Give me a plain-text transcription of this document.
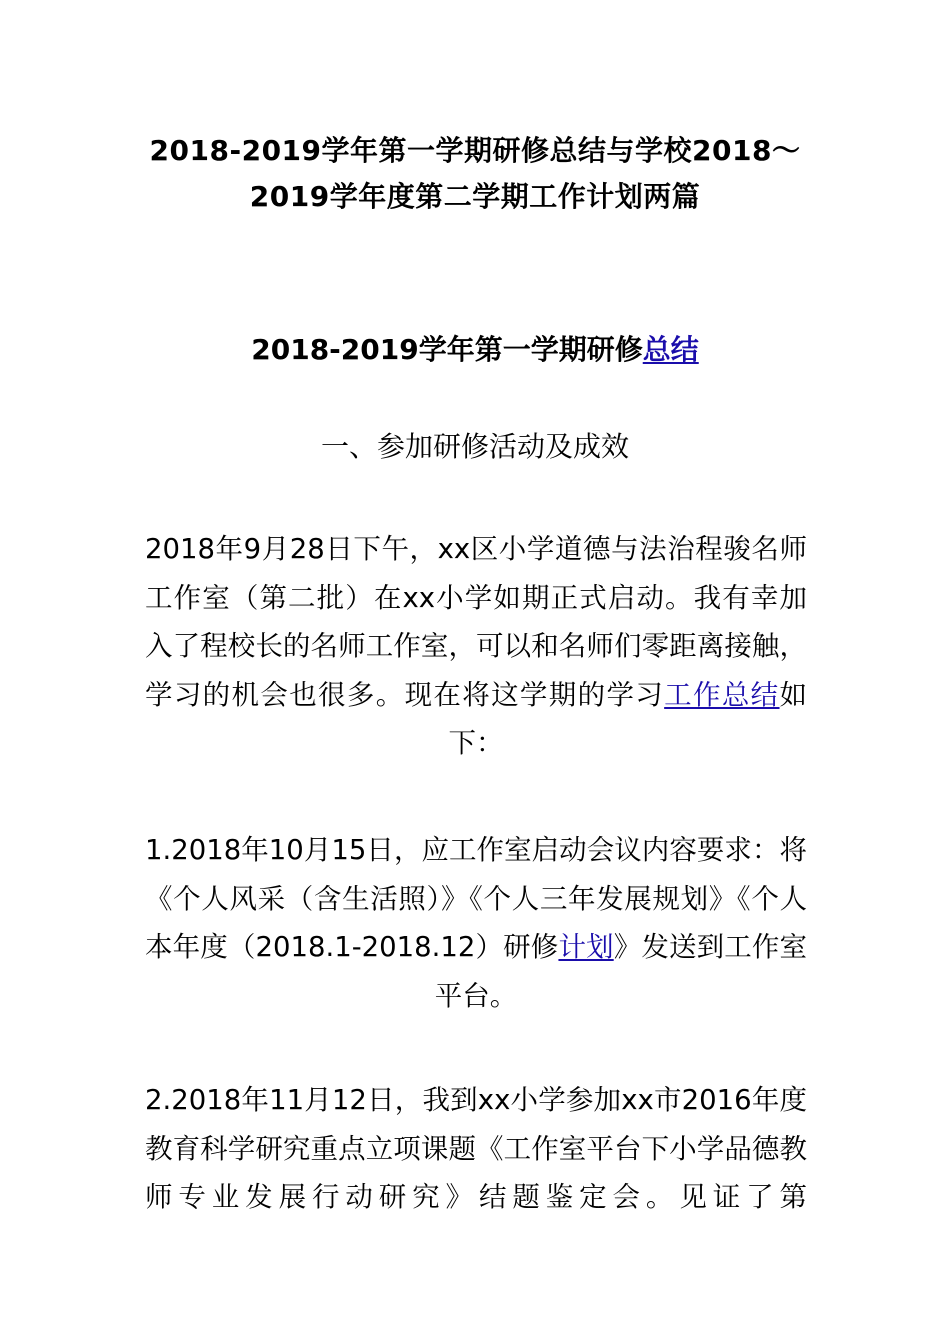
2018-2019学年第一学期研修总结与学校2018～
2019学年度第二学期工作计划两篇
2018-2019学年第一学期研修总结
一、参加研修活动及成效
2018年9月28日下午，xx区小学道德与法治程骏名师工作室（第二批）在xx小学如期正式启动。我有幸加入了程校长的名师工作室，可以和名师们零距离接触，学习的机会也很多。现在将这学期的学习工作总结如下：
1.2018年10月15日，应工作室启动会议内容要求：将《个人风采（含生活照）》《个人三年发展规划》《个人本年度（2018.1-2018.12）研修计划》发送到工作室平台。
2.2018年11月12日，我到xx小学参加xx市2016年度教育科学研究重点立项课题《工作室平台下小学品德教师专业发展行动研究》结题鉴定会。见证了第
